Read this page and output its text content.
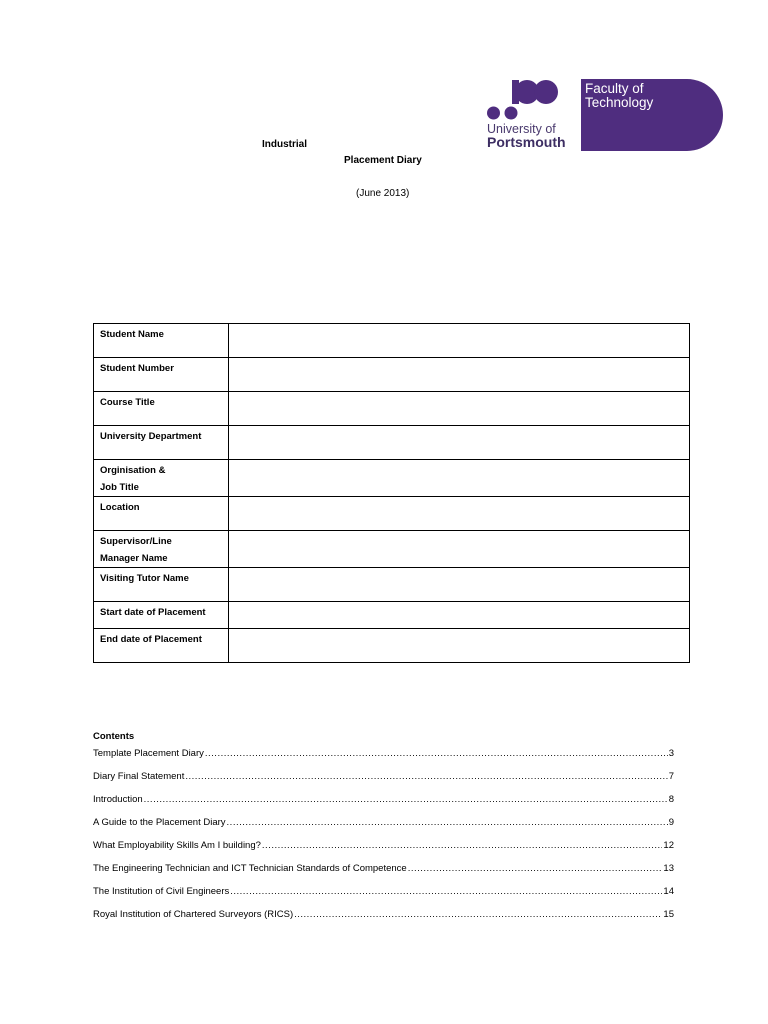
University of
Portsmouth
Faculty of
Technology
Industrial
Placement Diary
(June 2013)
Student Name	

Student Number	

Course Title	

University Department	

Orginisation &
Job Title	

Location	

Supervisor/Line
Manager Name	

Visiting Tutor Name	

Start date of Placement	

End date of Placement	

Contents
Template Placement Diary .....	3
Diary Final Statement .....	7
Introduction .....	8
A Guide to the Placement Diary .....	9
What Employability Skills Am I building? .....	12
The Engineering Technician and ICT Technician Standards of Competence .....	13
The Institution of Civil Engineers .....	14
Royal Institution of Chartered Surveyors (RICS) .....	15
